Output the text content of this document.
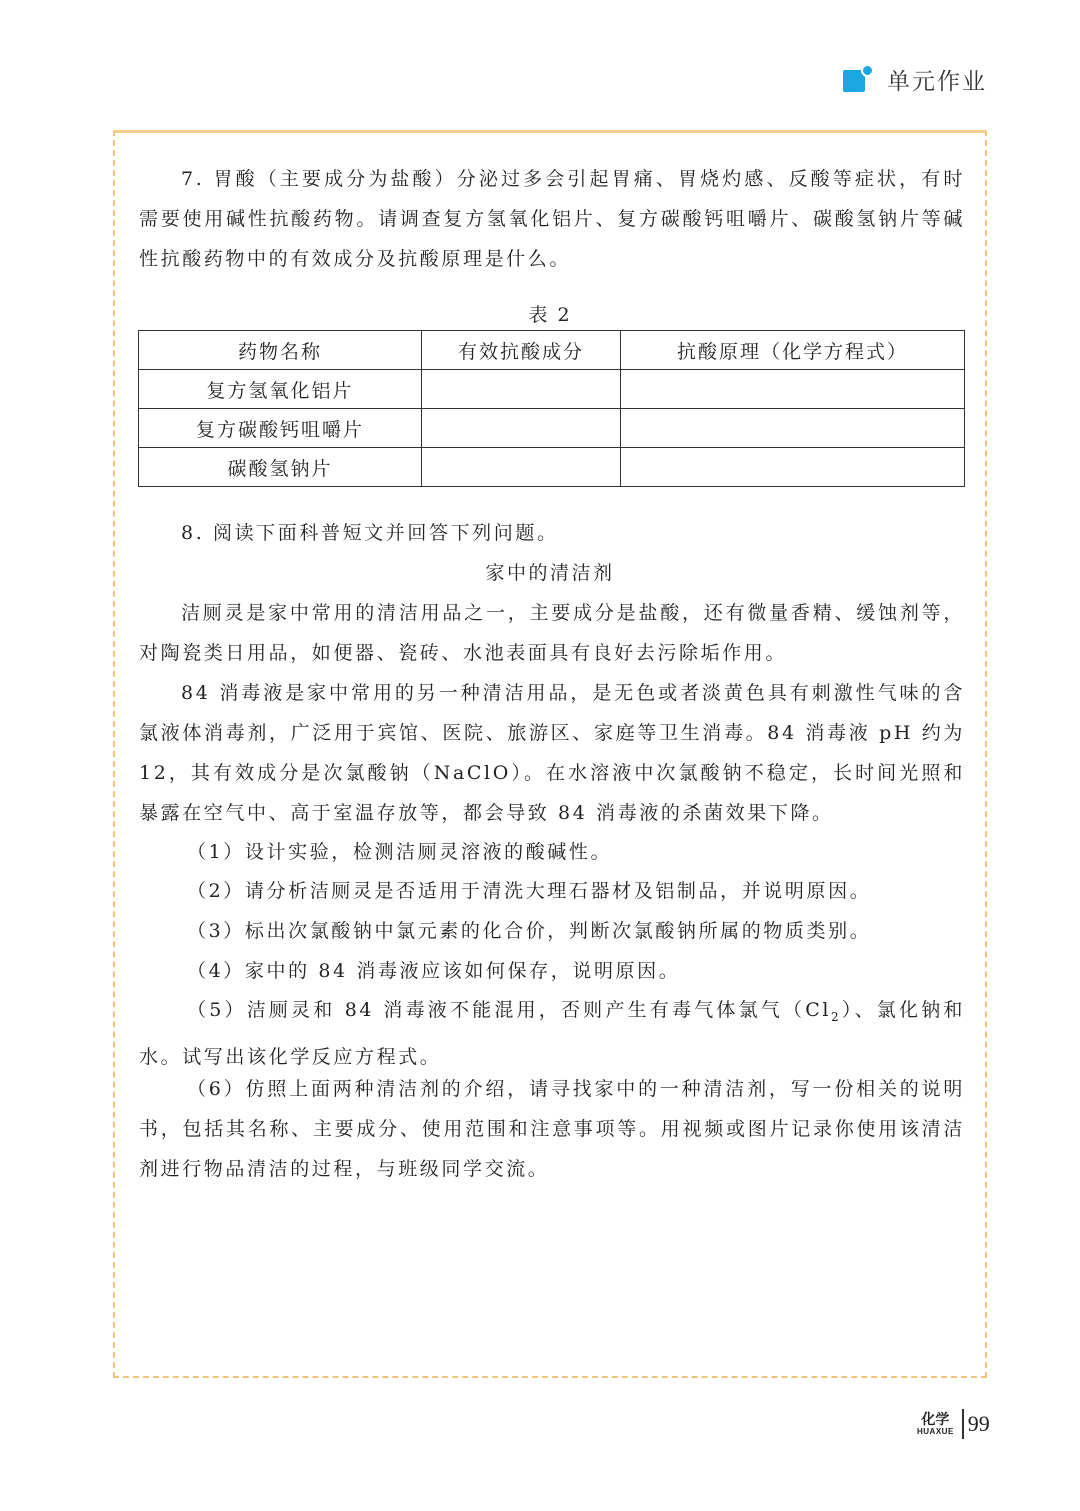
单元作业

7. 胃酸（主要成分为盐酸）分泌过多会引起胃痛、胃烧灼感、反酸等症状，有时需要使用碱性抗酸药物。请调查复方氢氧化铝片、复方碳酸钙咀嚼片、碳酸氢钠片等碱性抗酸药物中的有效成分及抗酸原理是什么。

表 2
药物名称	有效抗酸成分	抗酸原理（化学方程式）
复方氢氧化铝片		
复方碳酸钙咀嚼片		
碳酸氢钠片		

8. 阅读下面科普短文并回答下列问题。

家中的清洁剂

洁厕灵是家中常用的清洁用品之一，主要成分是盐酸，还有微量香精、缓蚀剂等，对陶瓷类日用品，如便器、瓷砖、水池表面具有良好去污除垢作用。

84 消毒液是家中常用的另一种清洁用品，是无色或者淡黄色具有刺激性气味的含氯液体消毒剂，广泛用于宾馆、医院、旅游区、家庭等卫生消毒。84 消毒液 pH 约为 12，其有效成分是次氯酸钠（NaClO）。在水溶液中次氯酸钠不稳定，长时间光照和暴露在空气中、高于室温存放等，都会导致 84 消毒液的杀菌效果下降。

（1）设计实验，检测洁厕灵溶液的酸碱性。

（2）请分析洁厕灵是否适用于清洗大理石器材及铝制品，并说明原因。

（3）标出次氯酸钠中氯元素的化合价，判断次氯酸钠所属的物质类别。

（4）家中的 84 消毒液应该如何保存，说明原因。

（5）洁厕灵和 84 消毒液不能混用，否则产生有毒气体氯气$(Cl_2)$、氯化钠和水。试写出该化学反应方程式。

（6）仿照上面两种清洁剂的介绍，请寻找家中的一种清洁剂，写一份相关的说明书，包括其名称、主要成分、使用范围和注意事项等。用视频或图片记录你使用该清洁剂进行物品清洁的过程，与班级同学交流。

化学
HUAXUE 99
